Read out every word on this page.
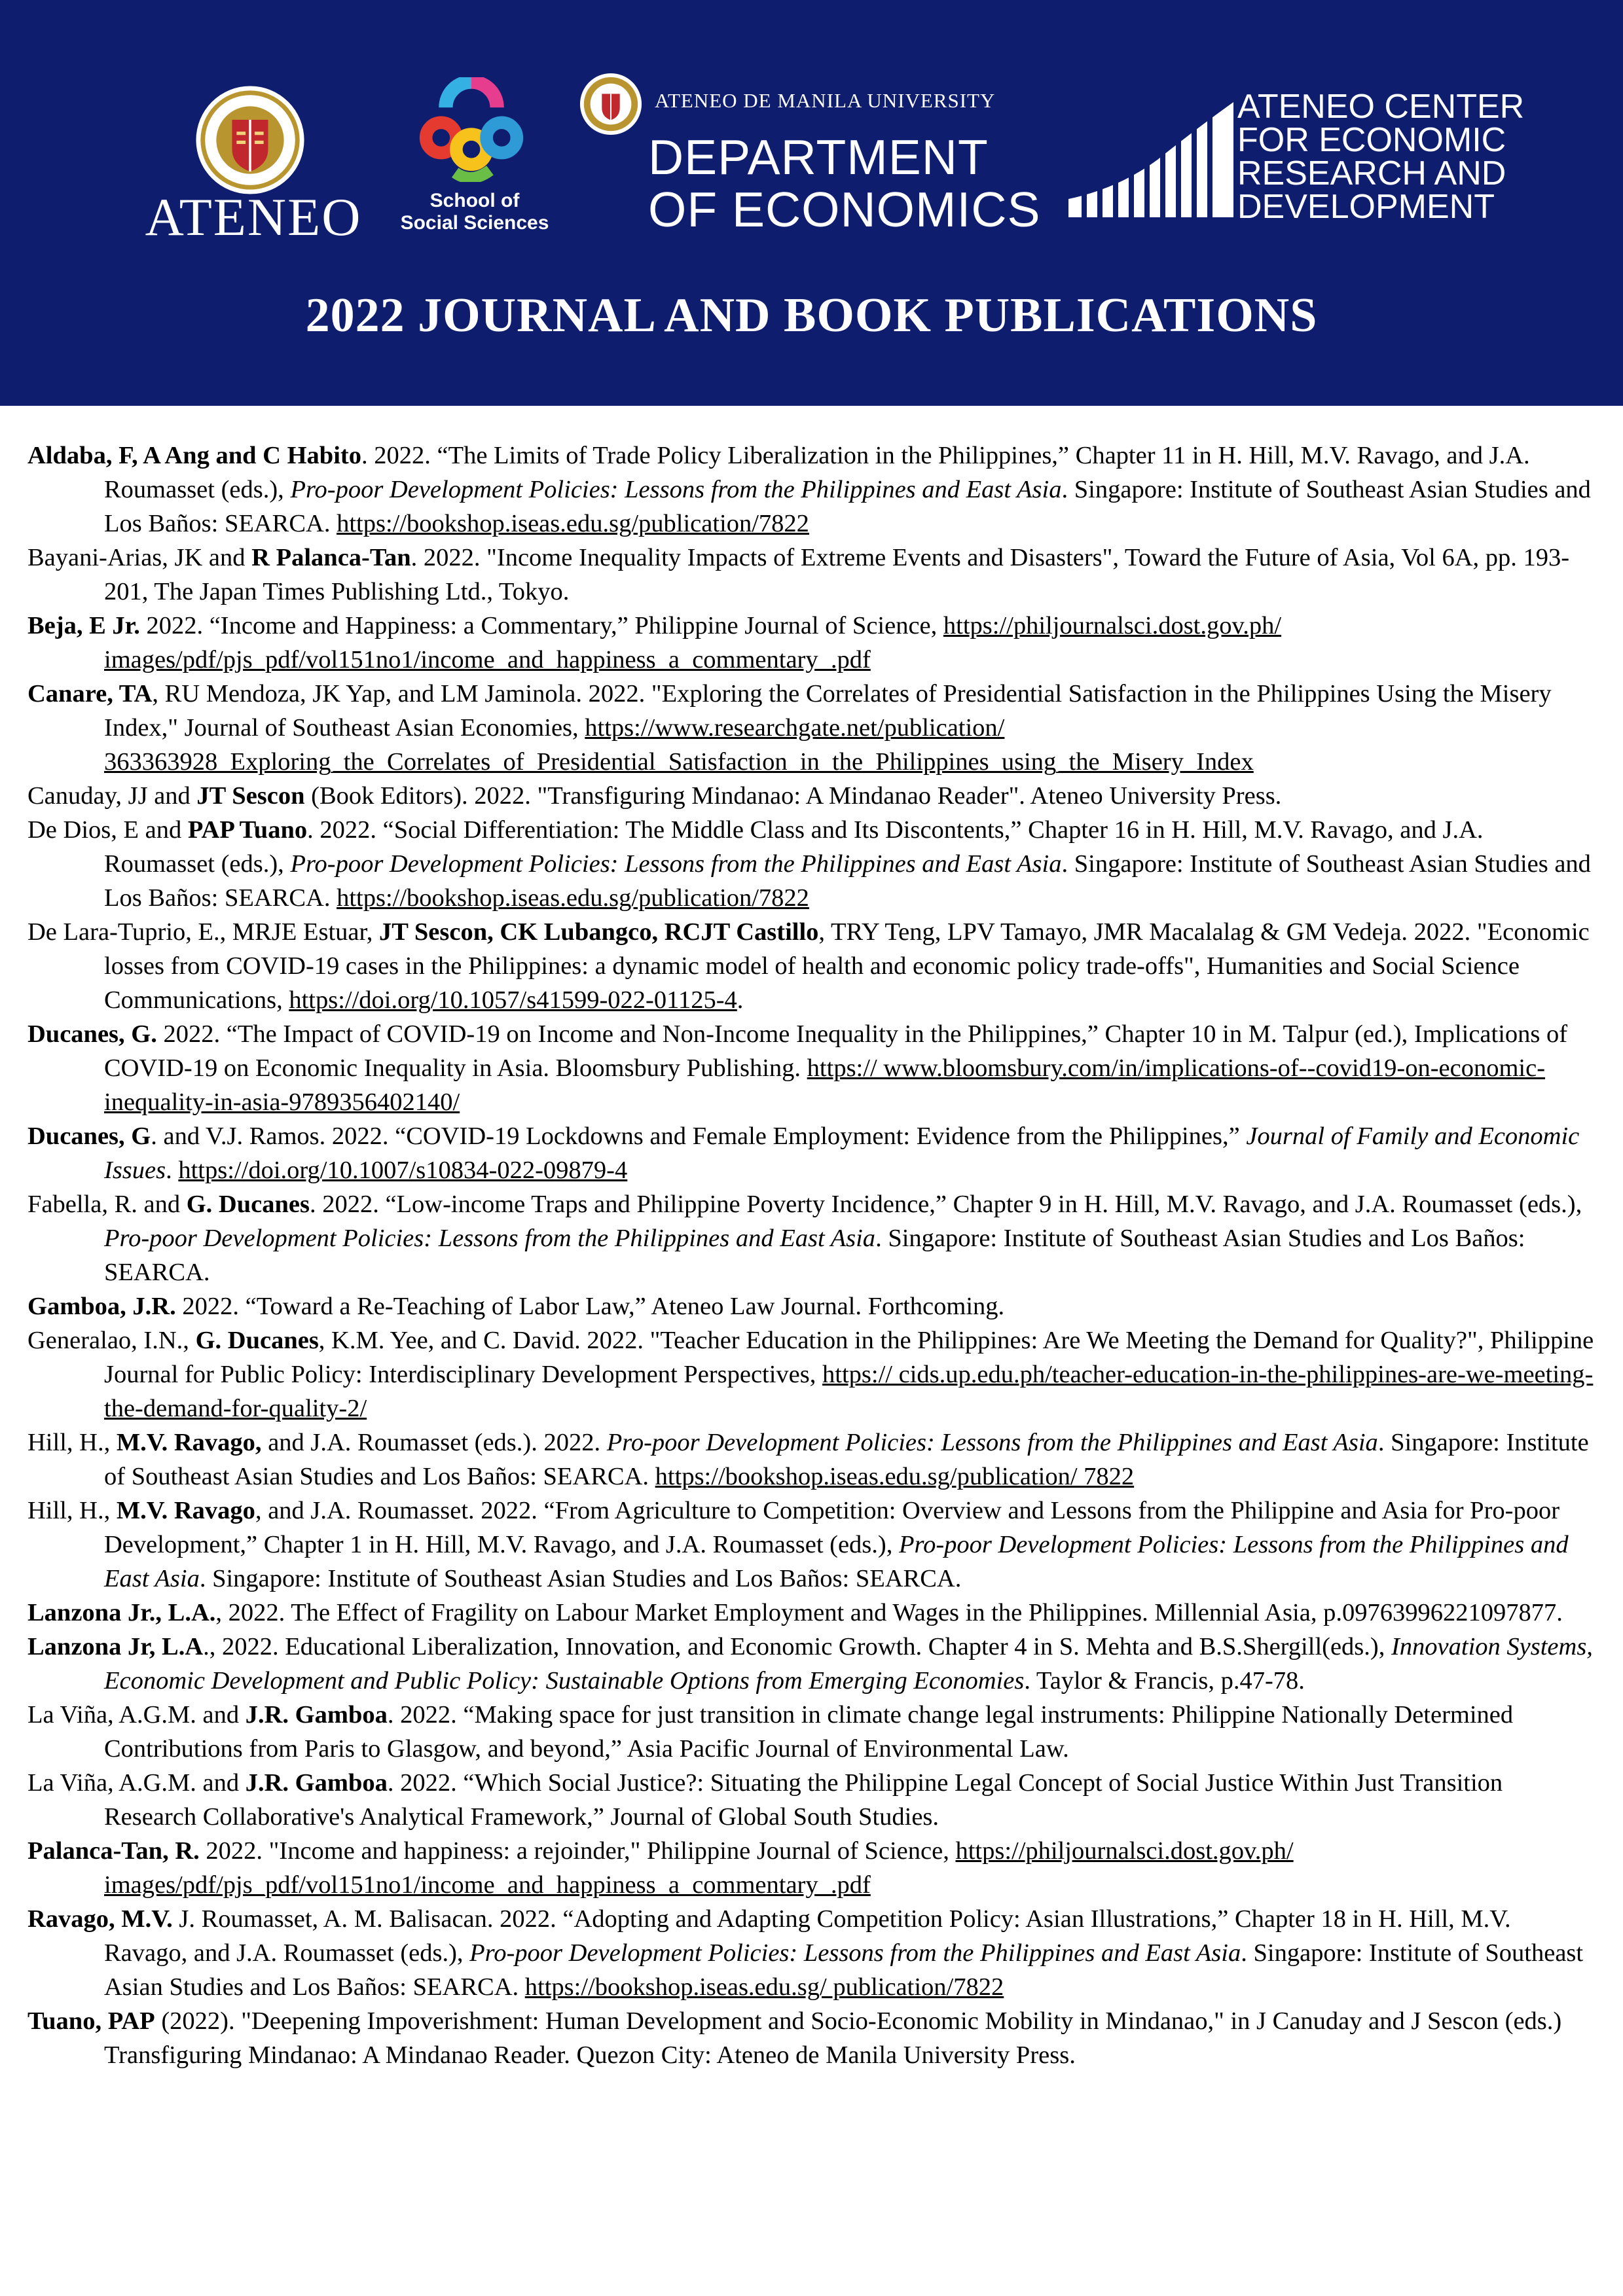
ATENEO	School of
Social Sciences
ATENEO DE MANILA UNIVERSITY
DEPARTMENT
OF ECONOMICS
ATENEO CENTER
FOR ECONOMIC
RESEARCH AND
DEVELOPMENT
2022 JOURNAL AND BOOK PUBLICATIONS

Aldaba, F, A Ang and C Habito. 2022. “The Limits of Trade Policy Liberalization in the Philippines,” Chapter 11 in H. Hill, M.V. Ravago, and J.A. Roumasset (eds.), Pro-poor Development Policies: Lessons from the Philippines and East Asia. Singapore: Institute of Southeast Asian Studies and Los Baños: SEARCA. https://bookshop.iseas.edu.sg/publication/7822

Bayani-Arias, JK and R Palanca-Tan. 2022. "Income Inequality Impacts of Extreme Events and Disasters", Toward the Future of Asia, Vol 6A, pp. 193-201, The Japan Times Publishing Ltd., Tokyo.

Beja, E Jr. 2022. “Income and Happiness: a Commentary,” Philippine Journal of Science, https://philjournalsci.dost.gov.ph/ images/pdf/pjs_pdf/vol151no1/income_and_happiness_a_commentary_.pdf

Canare, TA, RU Mendoza, JK Yap, and LM Jaminola. 2022. "Exploring the Correlates of Presidential Satisfaction in the Philippines Using the Misery Index," Journal of Southeast Asian Economies, https://www.researchgate.net/publication/ 363363928_Exploring_the_Correlates_of_Presidential_Satisfaction_in_the_Philippines_using_the_Misery_Index

Canuday, JJ and JT Sescon (Book Editors). 2022. "Transfiguring Mindanao: A Mindanao Reader". Ateneo University Press.

De Dios, E and PAP Tuano. 2022. “Social Differentiation: The Middle Class and Its Discontents,” Chapter 16 in H. Hill, M.V. Ravago, and J.A. Roumasset (eds.), Pro-poor Development Policies: Lessons from the Philippines and East Asia. Singapore: Institute of Southeast Asian Studies and Los Baños: SEARCA. https://bookshop.iseas.edu.sg/publication/7822

De Lara-Tuprio, E., MRJE Estuar, JT Sescon, CK Lubangco, RCJT Castillo, TRY Teng, LPV Tamayo, JMR Macalalag & GM Vedeja. 2022. "Economic losses from COVID-19 cases in the Philippines: a dynamic model of health and economic policy trade-offs", Humanities and Social Science Communications, https://doi.org/10.1057/s41599-022-01125-4.

Ducanes, G. 2022. “The Impact of COVID-19 on Income and Non-Income Inequality in the Philippines,” Chapter 10 in M. Talpur (ed.), Implications of COVID-19 on Economic Inequality in Asia. Bloomsbury Publishing. https:// www.bloomsbury.com/in/implications-of--covid19-on-economic-inequality-in-asia-9789356402140/

Ducanes, G. and V.J. Ramos. 2022. “COVID-19 Lockdowns and Female Employment: Evidence from the Philippines,” Journal of Family and Economic Issues. https://doi.org/10.1007/s10834-022-09879-4

Fabella, R. and G. Ducanes. 2022. “Low-income Traps and Philippine Poverty Incidence,” Chapter 9 in H. Hill, M.V. Ravago, and J.A. Roumasset (eds.), Pro-poor Development Policies: Lessons from the Philippines and East Asia. Singapore: Institute of Southeast Asian Studies and Los Baños: SEARCA.

Gamboa, J.R. 2022. “Toward a Re-Teaching of Labor Law,” Ateneo Law Journal. Forthcoming.

Generalao, I.N., G. Ducanes, K.M. Yee, and C. David. 2022. "Teacher Education in the Philippines: Are We Meeting the Demand for Quality?", Philippine Journal for Public Policy: Interdisciplinary Development Perspectives, https:// cids.up.edu.ph/teacher-education-in-the-philippines-are-we-meeting-the-demand-for-quality-2/

Hill, H., M.V. Ravago, and J.A. Roumasset (eds.). 2022. Pro-poor Development Policies: Lessons from the Philippines and East Asia. Singapore: Institute of Southeast Asian Studies and Los Baños: SEARCA. https://bookshop.iseas.edu.sg/publication/ 7822

Hill, H., M.V. Ravago, and J.A. Roumasset. 2022. “From Agriculture to Competition: Overview and Lessons from the Philippine and Asia for Pro-poor Development,” Chapter 1 in H. Hill, M.V. Ravago, and J.A. Roumasset (eds.), Pro-poor Development Policies: Lessons from the Philippines and East Asia. Singapore: Institute of Southeast Asian Studies and Los Baños: SEARCA.

Lanzona Jr., L.A., 2022. The Effect of Fragility on Labour Market Employment and Wages in the Philippines. Millennial Asia, p.09763996221097877.

Lanzona Jr, L.A., 2022. Educational Liberalization, Innovation, and Economic Growth. Chapter 4 in S. Mehta and B.S.Shergill(eds.), Innovation Systems, Economic Development and Public Policy: Sustainable Options from Emerging Economies. Taylor & Francis, p.47-78.

La Viña, A.G.M. and J.R. Gamboa. 2022. “Making space for just transition in climate change legal instruments: Philippine Nationally Determined Contributions from Paris to Glasgow, and beyond,” Asia Pacific Journal of Environmental Law.

La Viña, A.G.M. and J.R. Gamboa. 2022. “Which Social Justice?: Situating the Philippine Legal Concept of Social Justice Within Just Transition Research Collaborative's Analytical Framework,” Journal of Global South Studies.

Palanca-Tan, R. 2022. "Income and happiness: a rejoinder," Philippine Journal of Science, https://philjournalsci.dost.gov.ph/ images/pdf/pjs_pdf/vol151no1/income_and_happiness_a_commentary_.pdf

Ravago, M.V. J. Roumasset, A. M. Balisacan. 2022. “Adopting and Adapting Competition Policy: Asian Illustrations,” Chapter 18 in H. Hill, M.V. Ravago, and J.A. Roumasset (eds.), Pro-poor Development Policies: Lessons from the Philippines and East Asia. Singapore: Institute of Southeast Asian Studies and Los Baños: SEARCA. https://bookshop.iseas.edu.sg/ publication/7822

Tuano, PAP (2022). "Deepening Impoverishment: Human Development and Socio-Economic Mobility in Mindanao," in J Canuday and J Sescon (eds.) Transfiguring Mindanao: A Mindanao Reader. Quezon City: Ateneo de Manila University Press.
